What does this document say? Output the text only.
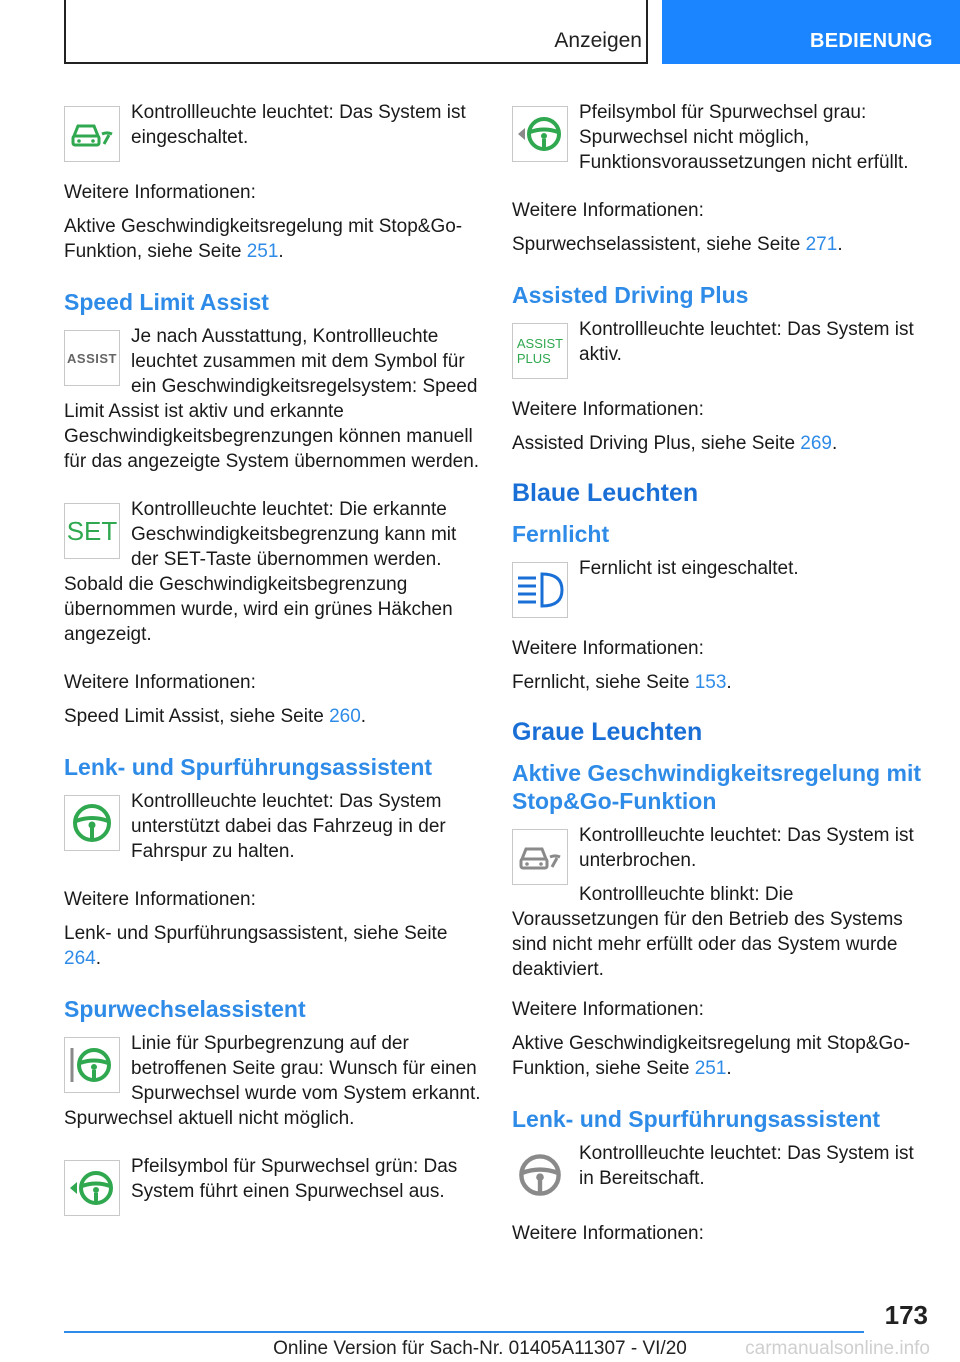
Anzeigen	BEDIENUNG

Kontrollleuchte leuchtet: Das System ist eingeschaltet.

Weitere Informationen:

Aktive Geschwindigkeitsregelung mit Stop&Go-Funktion, siehe Seite 251.

Speed Limit Assist
ASSIST

Je nach Ausstattung, Kontrollleuchte leuchtet zusammen mit dem Symbol für ein Geschwindigkeitsregelsystem: Speed Limit Assist ist aktiv und erkannte Geschwindigkeitsbegrenzungen können manuell für das angezeigte System übernommen werden.

SET

Kontrollleuchte leuchtet: Die erkannte Geschwindigkeitsbegrenzung kann mit der SET-Taste übernommen werden. Sobald die Geschwindigkeitsbegrenzung übernommen wurde, wird ein grünes Häkchen angezeigt.

Weitere Informationen:

Speed Limit Assist, siehe Seite 260.

Lenk- und Spurführungsassistent

Kontrollleuchte leuchtet: Das System unterstützt dabei das Fahrzeug in der Fahrspur zu halten.

Weitere Informationen:

Lenk- und Spurführungsassistent, siehe Seite 264.

Spurwechselassistent

Linie für Spurbegrenzung auf der betroffenen Seite grau: Wunsch für einen Spurwechsel wurde vom System erkannt. Spurwechsel aktuell nicht möglich.

Pfeilsymbol für Spurwechsel grün: Das System führt einen Spurwechsel aus.

Pfeilsymbol für Spurwechsel grau: Spurwechsel nicht möglich, Funktionsvoraussetzungen nicht erfüllt.

Weitere Informationen:

Spurwechselassistent, siehe Seite 271.

Assisted Driving Plus
ASSIST
PLUS

Kontrollleuchte leuchtet: Das System ist aktiv.

Weitere Informationen:

Assisted Driving Plus, siehe Seite 269.

Blaue Leuchten
Fernlicht

Fernlicht ist eingeschaltet.

Weitere Informationen:

Fernlicht, siehe Seite 153.

Graue Leuchten
Aktive Geschwindigkeitsregelung mit Stop&Go-Funktion

Kontrollleuchte leuchtet: Das System ist unterbrochen.

Kontrollleuchte blinkt: Die Voraussetzungen für den Betrieb des Systems sind nicht mehr erfüllt oder das System wurde deaktiviert.

Weitere Informationen:

Aktive Geschwindigkeitsregelung mit Stop&Go-Funktion, siehe Seite 251.

Lenk- und Spurführungsassistent

Kontrollleuchte leuchtet: Das System ist in Bereitschaft.

Weitere Informationen:

173
Online Version für Sach-Nr. 01405A11307 - VI/20	carmanualsonline.info
